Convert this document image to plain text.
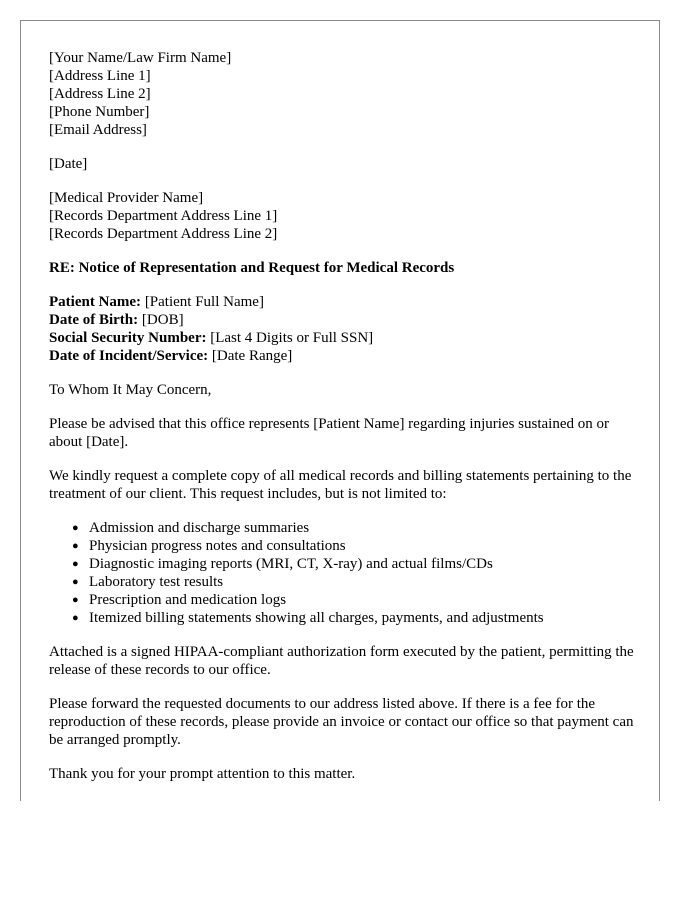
[Your Name/Law Firm Name]

[Address Line 1]

[Address Line 2]

[Phone Number]

[Email Address]

[Date]

[Medical Provider Name]

[Records Department Address Line 1]

[Records Department Address Line 2]

RE: Notice of Representation and Request for Medical Records

Patient Name: [Patient Full Name]

Date of Birth: [DOB]

Social Security Number: [Last 4 Digits or Full SSN]

Date of Incident/Service: [Date Range]

To Whom It May Concern,

Please be advised that this office represents [Patient Name] regarding injuries sustained on or about [Date].

We kindly request a complete copy of all medical records and billing statements pertaining to the treatment of our client. This request includes, but is not limited to:

● Admission and discharge summaries
● Physician progress notes and consultations
● Diagnostic imaging reports (MRI, CT, X-ray) and actual films/CDs
● Laboratory test results
● Prescription and medication logs
● Itemized billing statements showing all charges, payments, and adjustments

Attached is a signed HIPAA-compliant authorization form executed by the patient, permitting the release of these records to our office.

Please forward the requested documents to our address listed above. If there is a fee for the reproduction of these records, please provide an invoice or contact our office so that payment can be arranged promptly.

Thank you for your prompt attention to this matter.
